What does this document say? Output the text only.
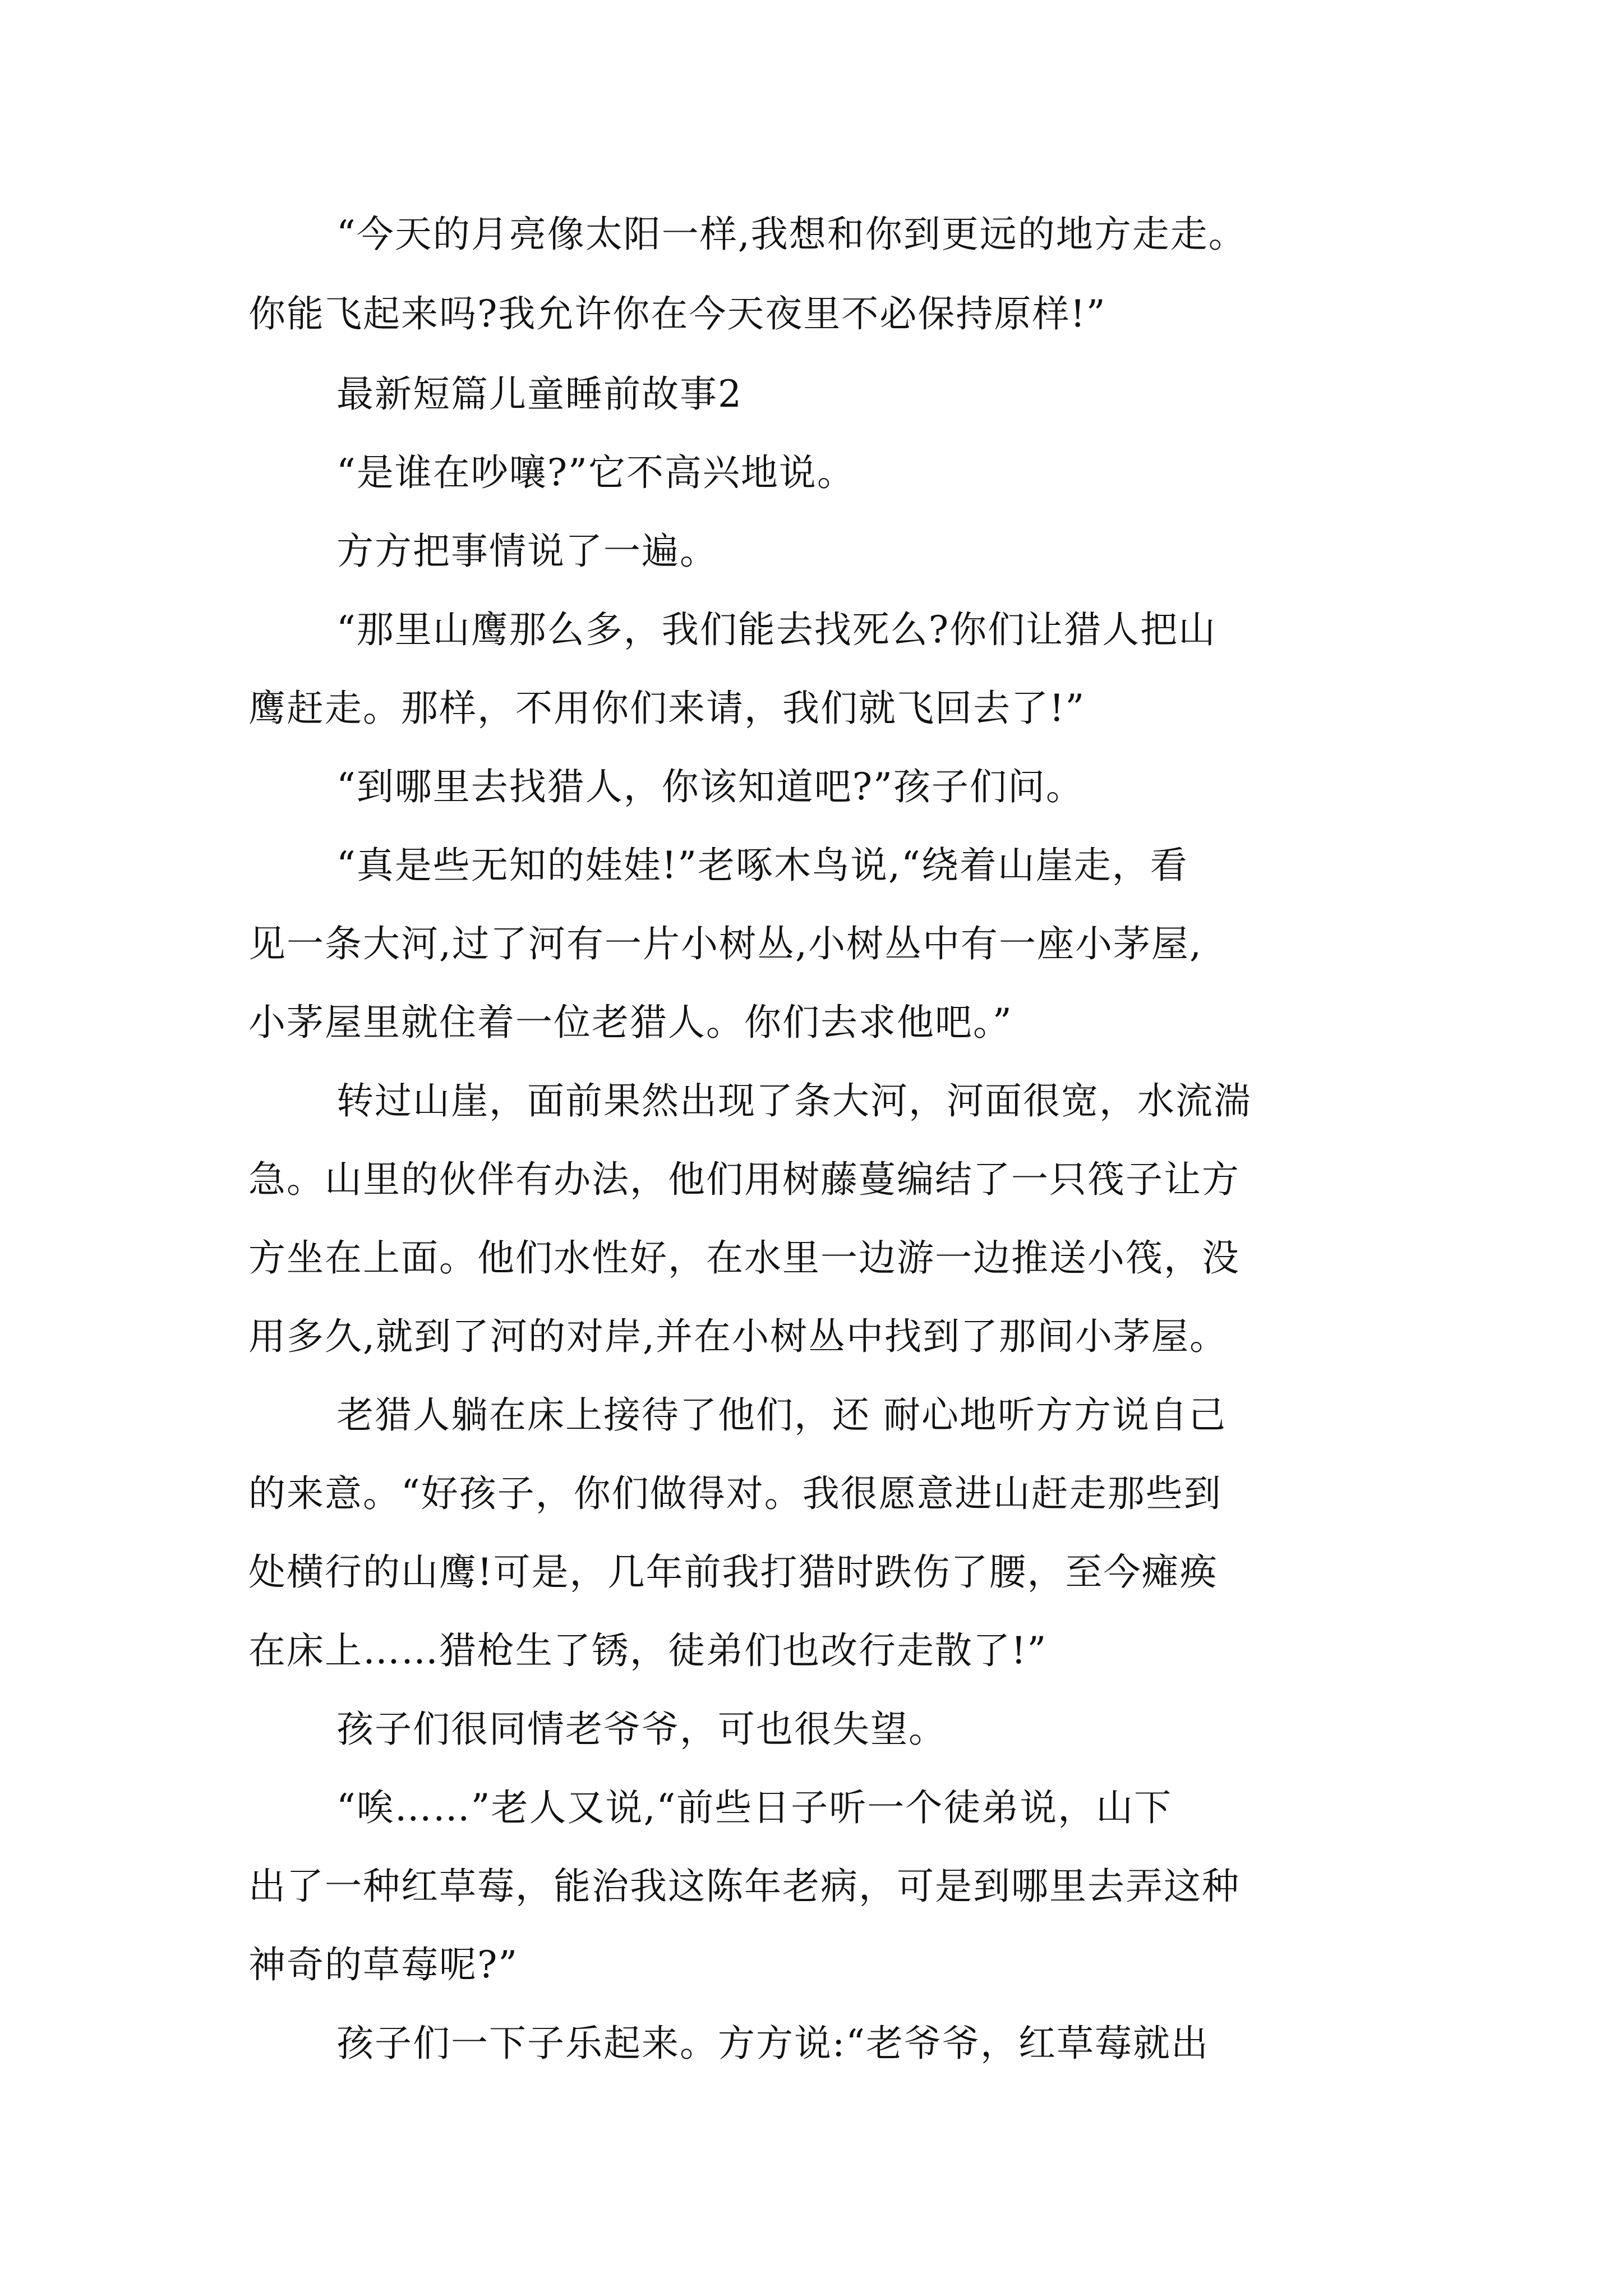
“今天的月亮像太阳一样,我想和你到更远的地方走走。

你能飞起来吗?我允许你在今天夜里不必保持原样!”

最新短篇儿童睡前故事2

“是谁在吵嚷?”它不高兴地说。

方方把事情说了一遍。

“那里山鹰那么多，我们能去找死么?你们让猎人把山

鹰赶走。那样，不用你们来请，我们就飞回去了!”

“到哪里去找猎人，你该知道吧?”孩子们问。

“真是些无知的娃娃!”老啄木鸟说,“绕着山崖走，看

见一条大河,过了河有一片小树丛,小树丛中有一座小茅屋,

小茅屋里就住着一位老猎人。你们去求他吧。”

转过山崖，面前果然出现了条大河，河面很宽，水流湍

急。山里的伙伴有办法，他们用树藤蔓编结了一只筏子让方

方坐在上面。他们水性好，在水里一边游一边推送小筏，没

用多久,就到了河的对岸,并在小树丛中找到了那间小茅屋。

老猎人躺在床上接待了他们，还 耐心地听方方说自己

的来意。“好孩子，你们做得对。我很愿意进山赶走那些到

处横行的山鹰!可是，几年前我打猎时跌伤了腰，至今瘫痪

在床上……猎枪生了锈，徒弟们也改行走散了!”

孩子们很同情老爷爷，可也很失望。

“唉……”老人又说,“前些日子听一个徒弟说，山下

出了一种红草莓，能治我这陈年老病，可是到哪里去弄这种

神奇的草莓呢?”

孩子们一下子乐起来。方方说:“老爷爷，红草莓就出
